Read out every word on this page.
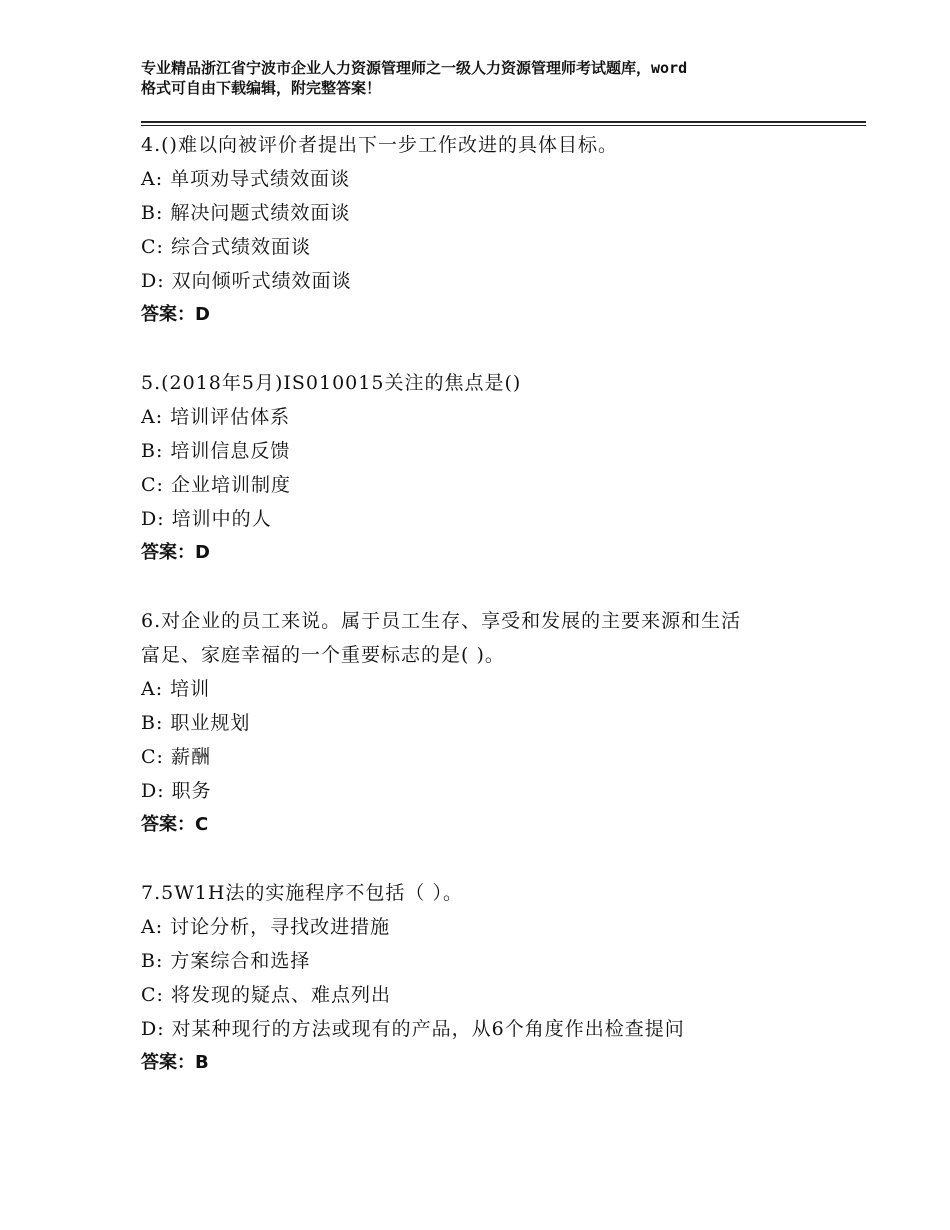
专业精品浙江省宁波市企业人力资源管理师之一级人力资源管理师考试题库，word
格式可自由下载编辑，附完整答案！
4.()难以向被评价者提出下一步工作改进的具体目标。
A: 单项劝导式绩效面谈
B: 解决问题式绩效面谈
C: 综合式绩效面谈
D: 双向倾听式绩效面谈
答案：D
5.(2018年5月)IS010015关注的焦点是()
A: 培训评估体系
B: 培训信息反馈
C: 企业培训制度
D: 培训中的人
答案：D
6.对企业的员工来说。属于员工生存、享受和发展的主要来源和生活
富足、家庭幸福的一个重要标志的是( )。
A: 培训
B: 职业规划
C: 薪酬
D: 职务
答案：C
7.5W1H法的实施程序不包括（ ）。
A: 讨论分析，寻找改进措施
B: 方案综合和选择
C: 将发现的疑点、难点列出
D: 对某种现行的方法或现有的产品，从6个角度作出检查提问
答案：B
